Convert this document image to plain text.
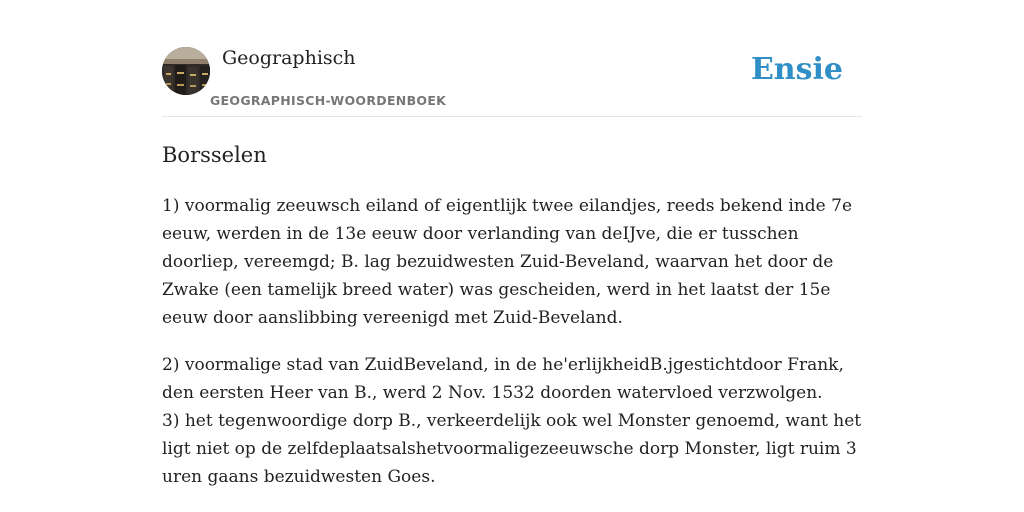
Geographisch
GEOGRAPHISCH-WOORDENBOEK
Ensie
Borsselen

1) voormalig zeeuwsch eiland of eigentlijk twee eilandjes, reeds bekend inde 7e eeuw, werden in de 13e eeuw door verlanding van deIJve, die er tusschen doorliep, vereemgd; B. lag bezuidwesten Zuid-Beveland, waarvan het door de Zwake (een tamelijk breed water) was gescheiden, werd in het laatst der 15e eeuw door aanslibbing vereenigd met Zuid-Beveland.

2) voormalige stad van ZuidBeveland, in de he'erlijkheidB.jgestichtdoor Frank, den eersten Heer van B., werd 2 Nov. 1532 doorden watervloed verzwolgen.
3) het tegenwoordige dorp B., verkeerdelijk ook wel Monster genoemd, want het ligt niet op de zelfdeplaatsalshetvoormaligezeeuwsche dorp Monster, ligt ruim 3 uren gaans bezuidwesten Goes.
